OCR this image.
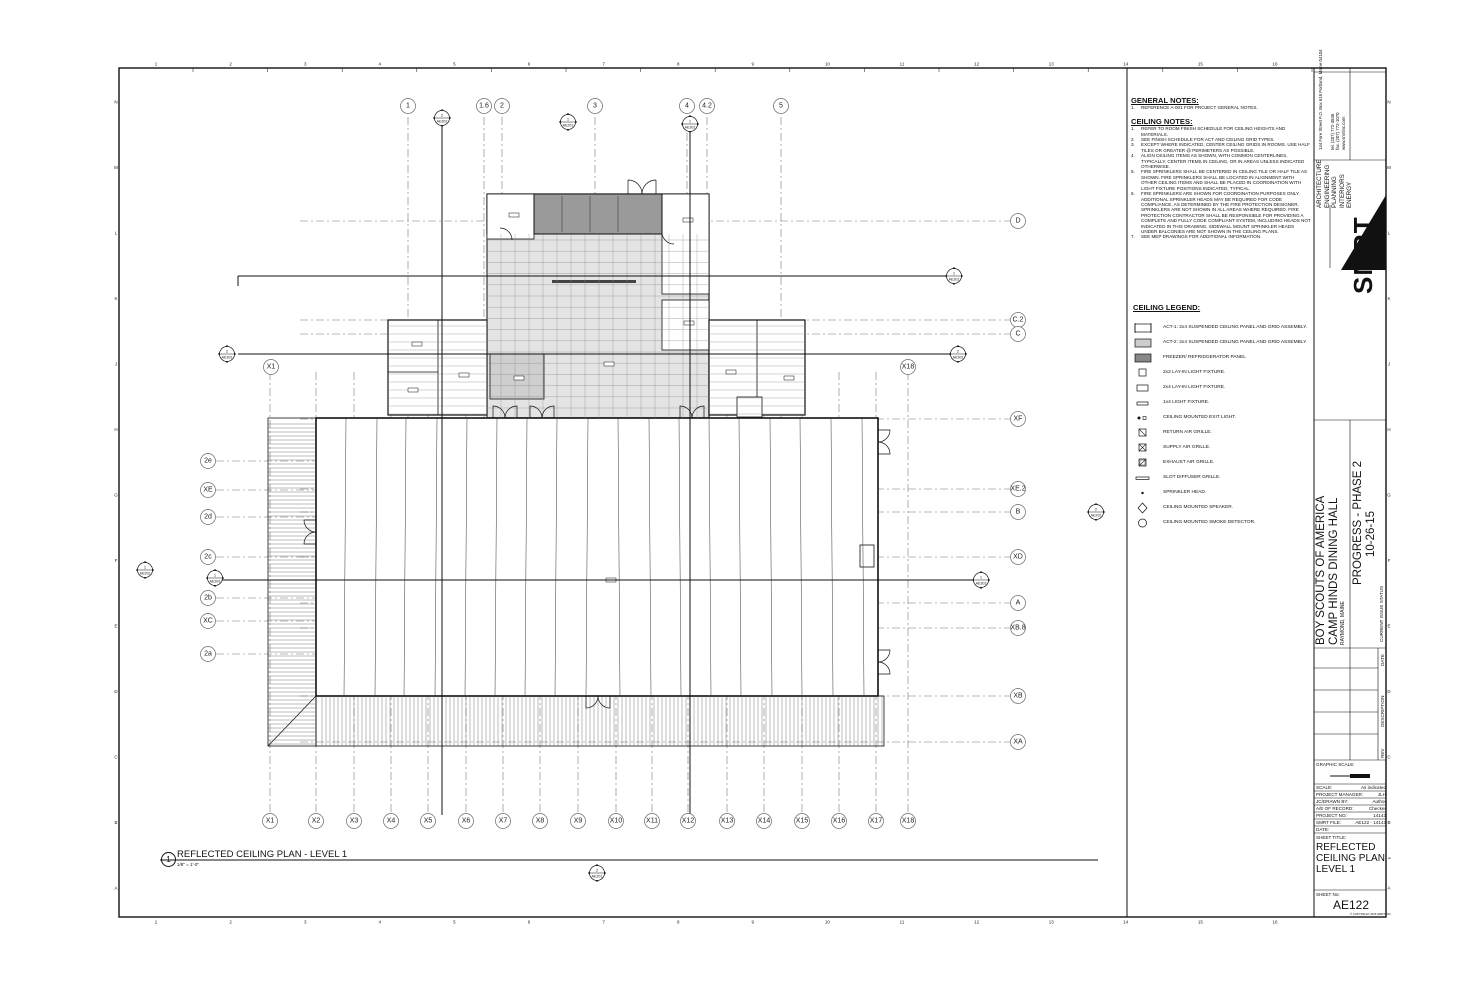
1
1
2
2
3
3
4
4
5
5
6
6
7
7
8
8
9
9
10
10
11
11
12
12
13
13
14
14
15
15
16
16
N	N
M	M
L	L
K	K
J	J
H	H
G	G
F	F
E	E
D	D
C	C
B	B
A	A
1	1.6 2	3	4 4.2	5
X1	X2	X3	X4	X5	X6	X7	X8	X9	X10	X11	X12	X13	X14	X15	X16	X17	X18
2e
XE
2d
2c
2b
XC
2a
D
C.2
C
XF
XE.2
B
XD
A
XB.8
XB
XA
X1	X18
2
AE302
1
AE201
1
AE302
1
AE302
2
AE302
2
AE302
2
AE202
1
AE303
1
AE303
1
AE202
2
AE201
1 REFLECTED CEILING PLAN - LEVEL 1
1/8" = 1'-0"
GENERAL NOTES:
1.	REFERENCE A-001 FOR PROJECT GENERAL NOTES.
CEILING NOTES:
1.	REFER TO ROOM FINISH SCHEDULE FOR CEILING HEIGHTS AND MATERIALS.
2.	SEE FINISH SCHEDULE FOR ACT AND CEILING GRID TYPES.
3.	EXCEPT WHERE INDICATED, CENTER CEILING GRIDS IN ROOMS. USE HALF TILES OR GREATER @ PERIMETERS AS POSSIBLE.
4.	ALIGN CEILING ITEMS AS SHOWN, WITH COMMON CENTERLINES, TYPICALLY. CENTER ITEMS IN CEILING, OR IN AREAS UNLESS INDICATED OTHERWISE.
5.	FIRE SPRINKLERS SHALL BE CENTERED IN CEILING TILE OR HALF TILE AS SHOWN. FIRE SPRINKLERS SHALL BE LOCATED IN ALIGNMENT WITH OTHER CEILING ITEMS AND SHALL BE PLACED IN COORDINATION WITH LIGHT FIXTURE POSITIONS INDICATED, TYPICAL.
6.	FIRE SPRINKLERS ARE SHOWN FOR COORDINATION PURPOSES ONLY. ADDITIONAL SPRINKLER HEADS MAY BE REQUIRED FOR CODE COMPLIANCE, AS DETERMINED BY THE FIRE PROTECTION DESIGNER. SPRINKLERS ARE NOT SHOWN IN ALL AREAS WHERE REQUIRED. FIRE PROTECTION CONTRACTOR SHALL BE RESPONSIBLE FOR PROVIDING A COMPLETE AND FULLY CODE COMPLIANT SYSTEM, INCLUDING HEADS NOT INDICATED IN THIS DRAWING. SIDEWALL MOUNT SPRINKLER HEADS UNDER BALCONIES ARE NOT SHOWN IN THE CEILING PLANS.
7.	SEE MEP DRAWINGS FOR ADDITIONAL INFORMATION.
CEILING LEGEND:
ACT-1: 2x4 SUSPENDED CEILING PANEL AND GRID ASSEMBLY.
ACT-2: 2x4 SUSPENDED CEILING PANEL AND GRID ASSEMBLY.
FREEZER/ REFRIDGERATOR PANEL
2x2 LAY-IN LIGHT FIXTURE.
2x4 LAY-IN LIGHT FIXTURE.
1x4 LIGHT FIXTURE.
CEILING MOUNTED EXIT LIGHT.
RETURN AIR GRILLE.
SUPPLY AIR GRILLE.
EXHAUST AIR GRILLE.
SLOT DIFFUSER GRILLE.
SPRINKLER HEAD.
CEILING MOUNTED SPEAKER.
CEILING MOUNTED SMOKE DETECTOR.
144 Fore Street P.O. Box 618 Portland, Maine 04104 tel. (207) 772-3846 fax. (207) 772-1070 www.smrtinc.com
ARCHITECTURE ENGINEERING PLANNING INTERIORS ENERGY
SMRT
BOY SCOUTS OF AMERICA CAMP HINDS DINING HALL RAYMOND, MAINE
PROGRESS - PHASE 2 10-26-15
CURRENT ISSUE STATUS
DATE
DESCRIPTION
REV
GRAPHIC SCALE:
SCALE:	As indicated
PROJECT MANAGER:	JLH
JC/DRAWN BY:	Author
A/E OF RECORD:	Checker
PROJECT NO:	14143
SMRT FILE:	AE122 - 14143
DATE:
SHEET TITLE:
REFLECTED
CEILING PLAN -
LEVEL 1
SHEET No:
AE122
© COPYRIGHT 2015 SMRT INC.
